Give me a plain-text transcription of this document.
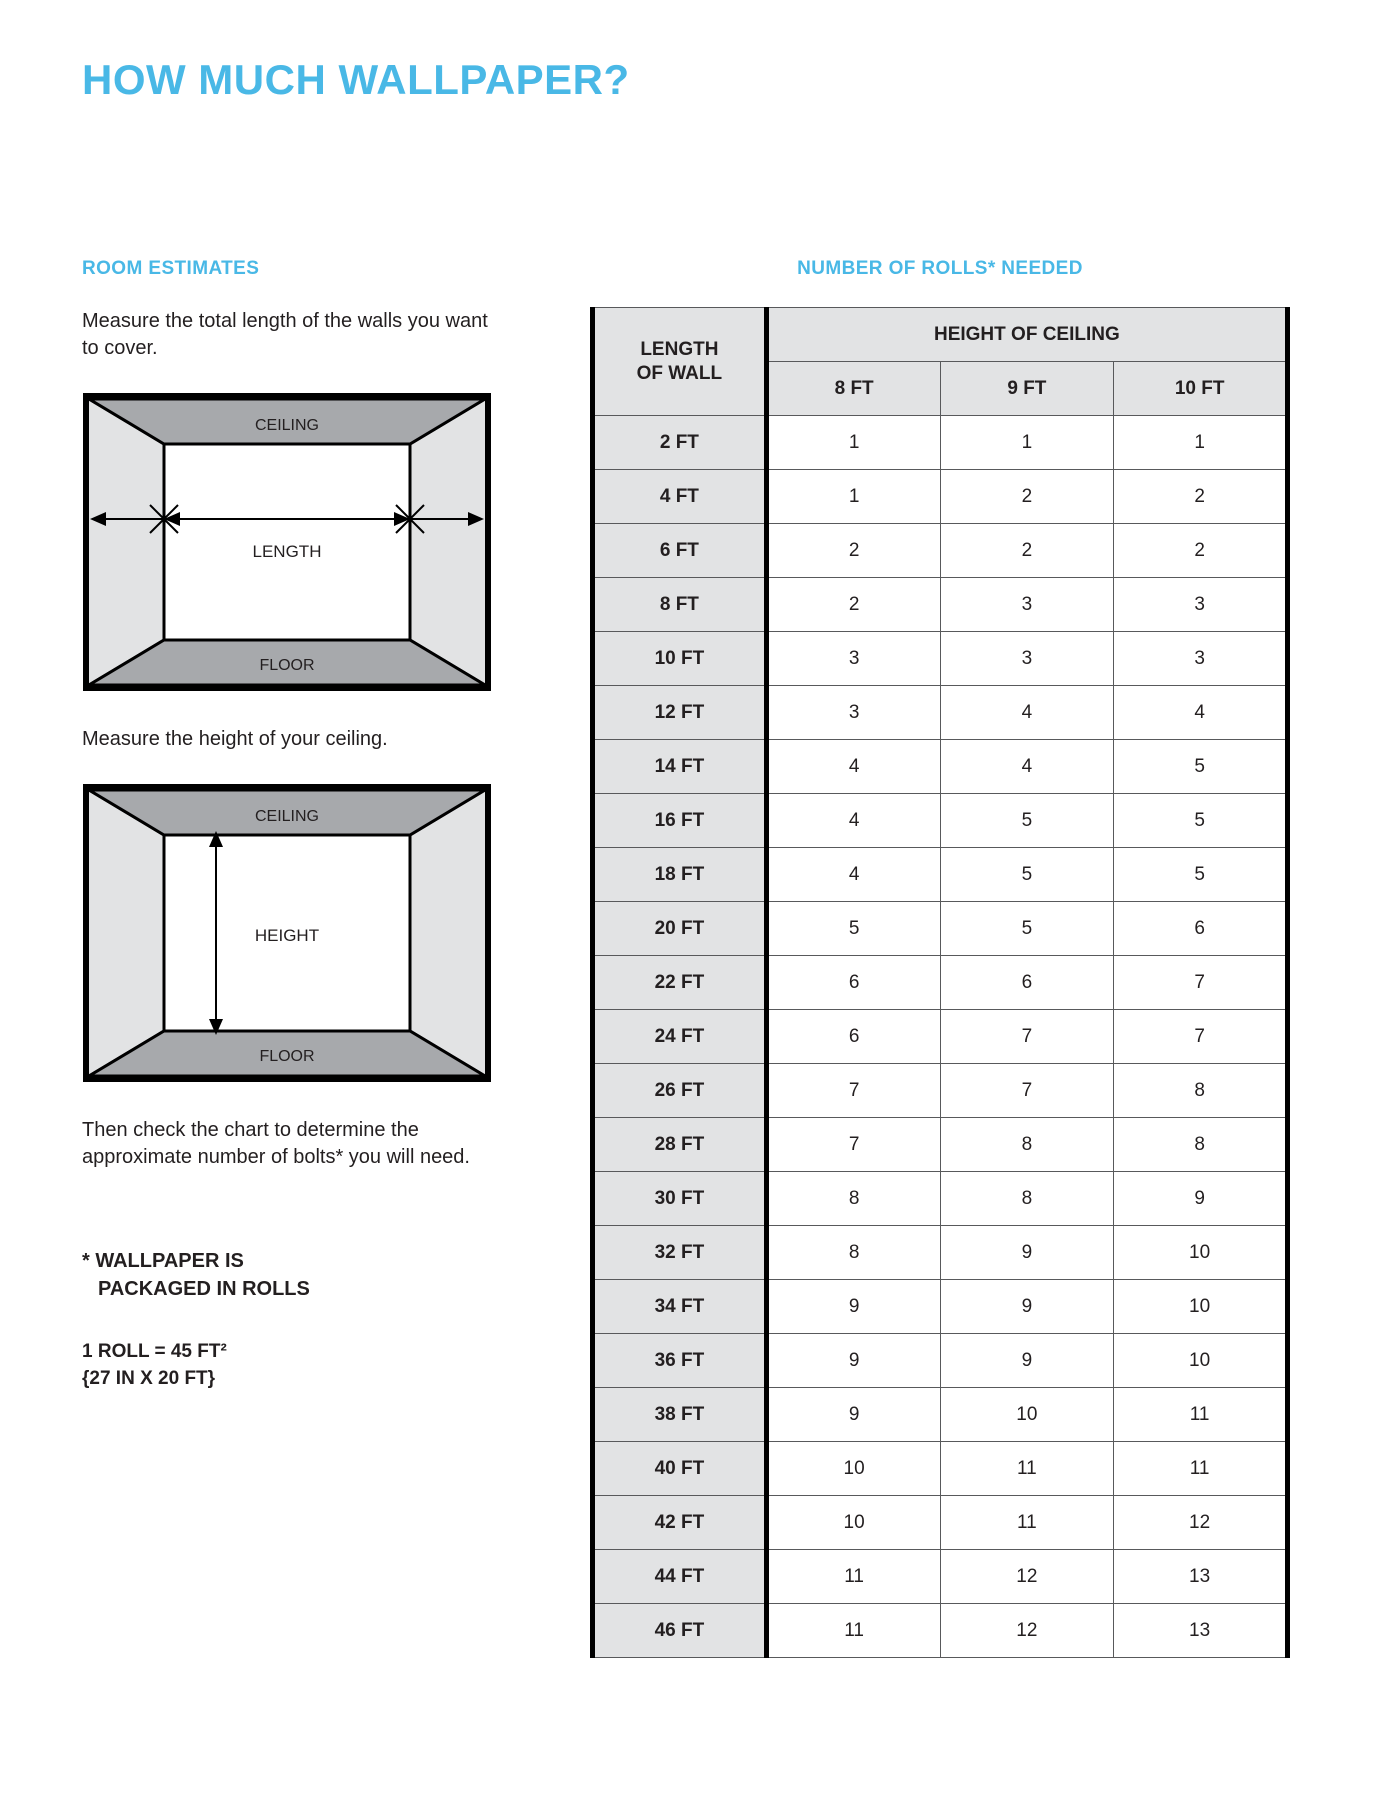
HOW MUCH WALLPAPER?
ROOM ESTIMATES
Measure the total length of the walls you want to cover.
LENGTH
CEILING
FLOOR
Measure the height of your ceiling.
HEIGHT
CEILING
FLOOR
Then check the chart to determine the approximate number of bolts* you will need.
* WALLPAPER IS
PACKAGED IN ROLLS
1 ROLL = 45 FT²
{27 IN X 20 FT}
NUMBER OF ROLLS* NEEDED
LENGTH
OF WALL	HEIGHT OF CEILING		
	8 FT	9 FT	10 FT
2 FT	1	1	1
4 FT	1	2	2
6 FT	2	2	2
8 FT	2	3	3
10 FT	3	3	3
12 FT	3	4	4
14 FT	4	4	5
16 FT	4	5	5
18 FT	4	5	5
20 FT	5	5	6
22 FT	6	6	7
24 FT	6	7	7
26 FT	7	7	8
28 FT	7	8	8
30 FT	8	8	9
32 FT	8	9	10
34 FT	9	9	10
36 FT	9	9	10
38 FT	9	10	11
40 FT	10	11	11
42 FT	10	11	12
44 FT	11	12	13
46 FT	11	12	13
